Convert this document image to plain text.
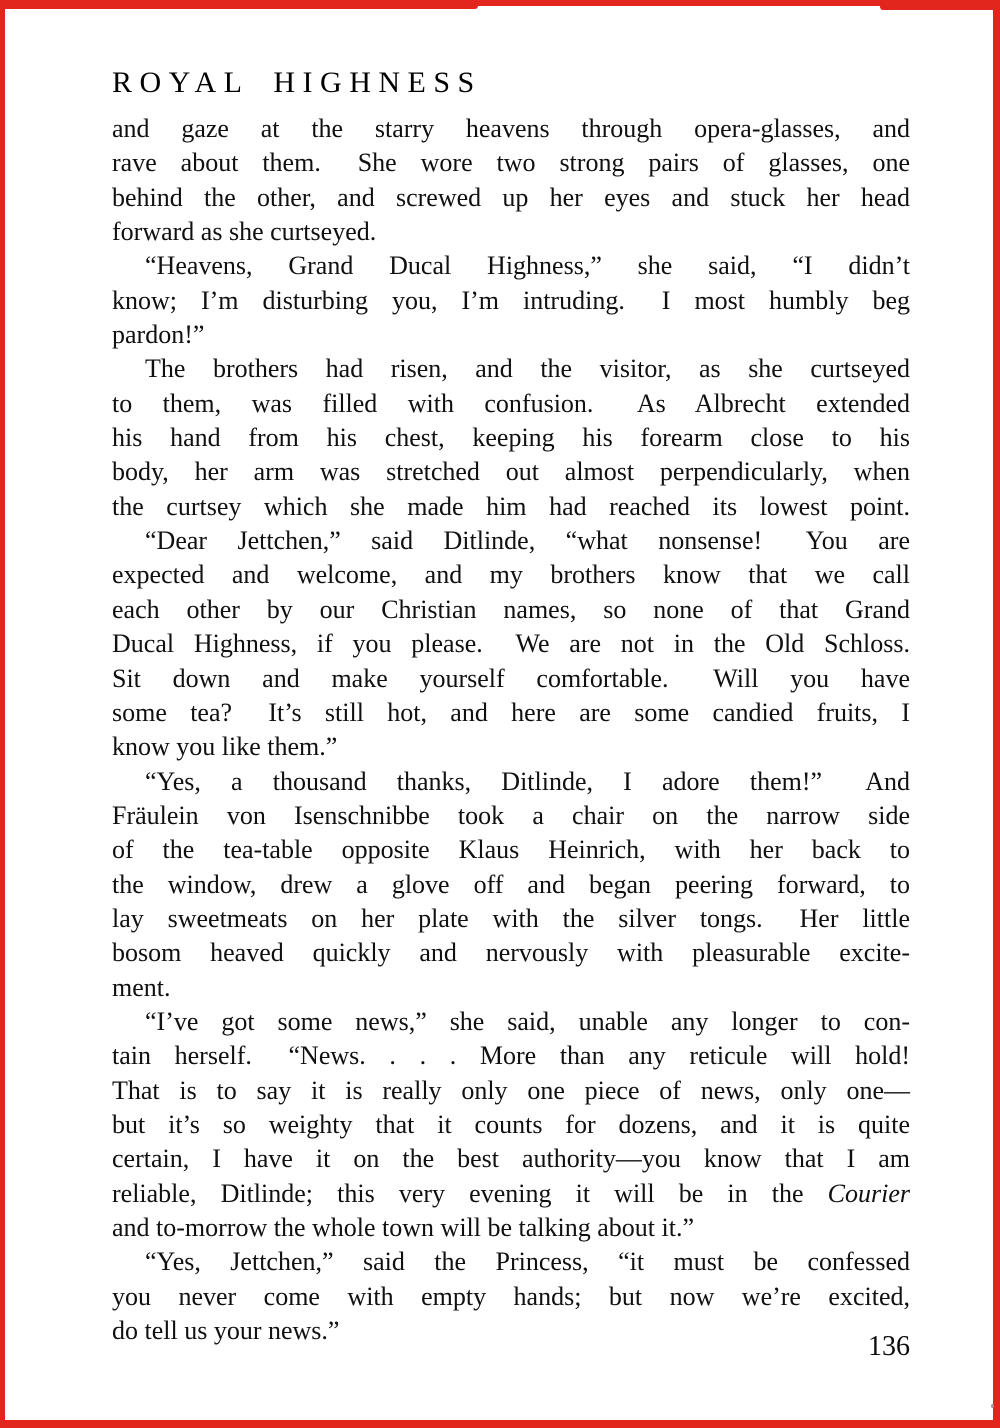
ROYAL HIGHNESS
and gaze at the starry heavens through opera-glasses, and
rave about them.  She wore two strong pairs of glasses, one
behind the other, and screwed up her eyes and stuck her head
forward as she curtseyed.
“Heavens, Grand Ducal Highness,” she said, “I didn’t
know; I’m disturbing you, I’m intruding.  I most humbly beg
pardon!”
The brothers had risen, and the visitor, as she curtseyed
to them, was filled with confusion.  As Albrecht extended
his hand from his chest, keeping his forearm close to his
body, her arm was stretched out almost perpendicularly, when
the curtsey which she made him had reached its lowest point.
“Dear Jettchen,” said Ditlinde, “what nonsense!  You are
expected and welcome, and my brothers know that we call
each other by our Christian names, so none of that Grand
Ducal Highness, if you please.  We are not in the Old Schloss.
Sit down and make yourself comfortable.  Will you have
some tea?  It’s still hot, and here are some candied fruits, I
know you like them.”
“Yes, a thousand thanks, Ditlinde, I adore them!”  And
Fräulein von Isenschnibbe took a chair on the narrow side
of the tea-table opposite Klaus Heinrich, with her back to
the window, drew a glove off and began peering forward, to
lay sweetmeats on her plate with the silver tongs.  Her little
bosom heaved quickly and nervously with pleasurable excite-
ment.
“I’ve got some news,” she said, unable any longer to con-
tain herself.  “News. . . . More than any reticule will hold!
That is to say it is really only one piece of news, only one—
but it’s so weighty that it counts for dozens, and it is quite
certain, I have it on the best authority—you know that I am
reliable, Ditlinde; this very evening it will be in the Courier
and to-morrow the whole town will be talking about it.”
“Yes, Jettchen,” said the Princess, “it must be confessed
you never come with empty hands; but now we’re excited,
do tell us your news.”
136
